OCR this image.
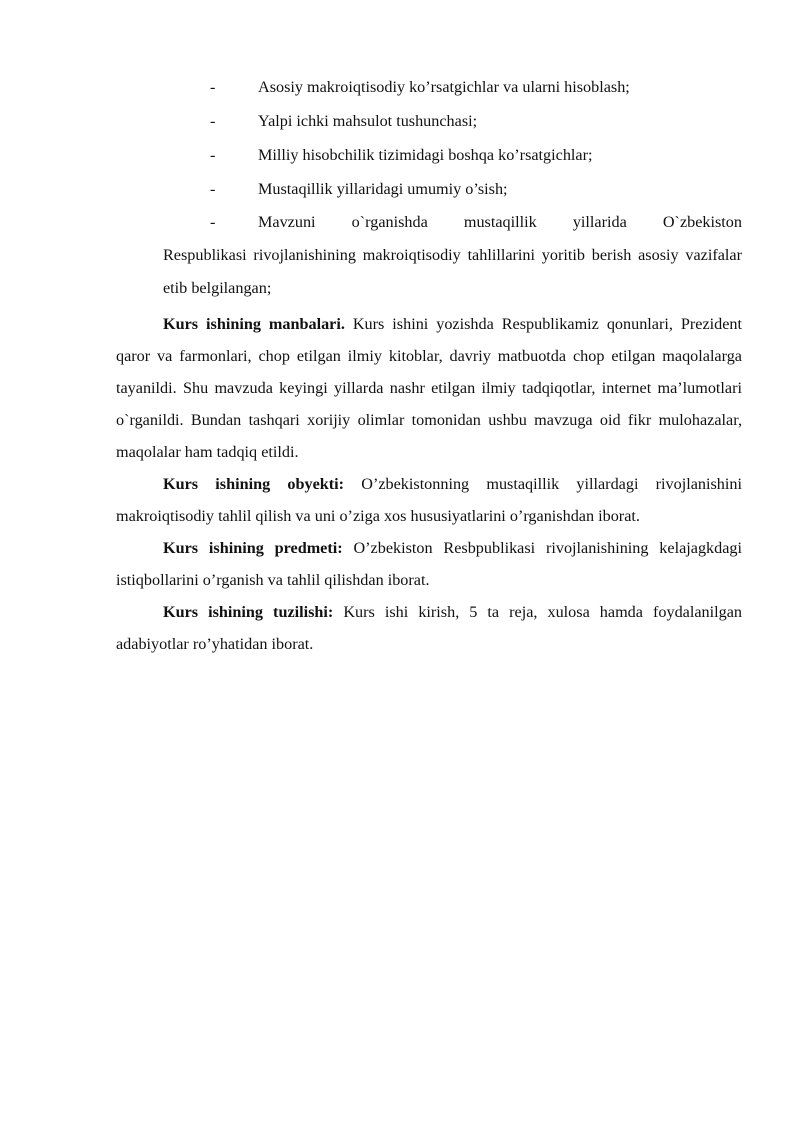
-	Asosiy makroiqtisodiy ko’rsatgichlar va ularni hisoblash;
-	Yalpi ichki mahsulot tushunchasi;
-	Milliy hisobchilik tizimidagi boshqa ko’rsatgichlar;
-	Mustaqillik yillaridagi umumiy o’sish;
-	Mavzuni o`rganishda mustaqillik yillarida O`zbekiston
Respublikasi rivojlanishining makroiqtisodiy tahlillarini yoritib berish asosiy vazifalar etib belgilangan;

Kurs ishining manbalari. Kurs ishini yozishda Respublikamiz qonunlari, Prezident qaror va farmonlari, chop etilgan ilmiy kitoblar, davriy matbuotda chop etilgan maqolalarga tayanildi. Shu mavzuda keyingi yillarda nashr etilgan ilmiy tadqiqotlar, internet ma’lumotlari o`rganildi. Bundan tashqari xorijiy olimlar tomonidan ushbu mavzuga oid fikr mulohazalar, maqolalar ham tadqiq etildi.

Kurs ishining obyekti: O’zbekistonning mustaqillik yillardagi rivojlanishini makroiqtisodiy tahlil qilish va uni o’ziga xos hususiyatlarini o’rganishdan iborat.

Kurs ishining predmeti: O’zbekiston Resbpublikasi rivojlanishining kelajagkdagi istiqbollarini o’rganish va tahlil qilishdan iborat.

Kurs ishining tuzilishi: Kurs ishi kirish, 5 ta reja, xulosa hamda foydalanilgan adabiyotlar ro’yhatidan iborat.
